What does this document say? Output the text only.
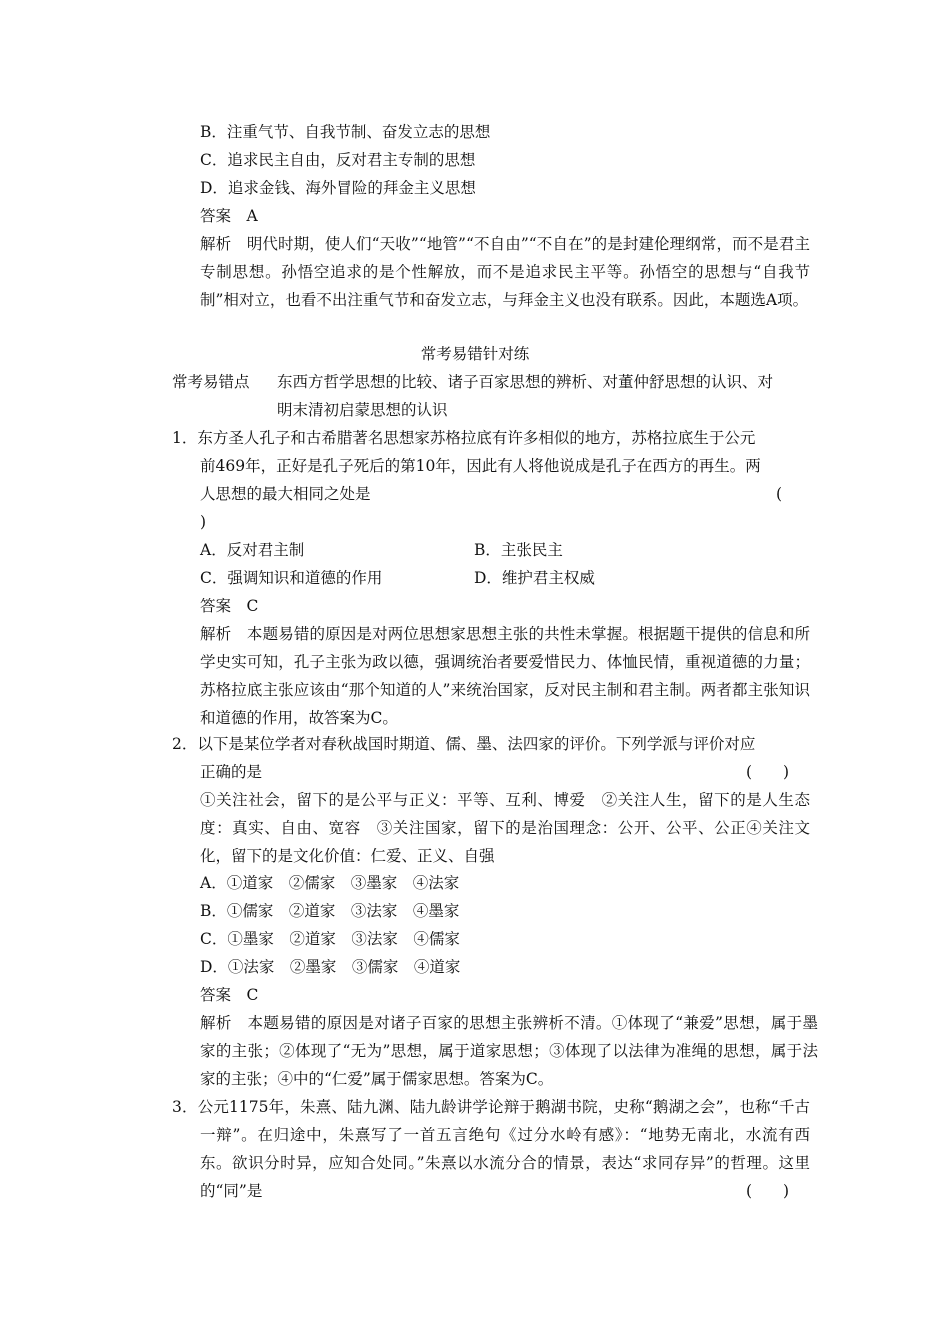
B．注重气节、自我节制、奋发立志的思想
C．追求民主自由，反对君主专制的思想
D．追求金钱、海外冒险的拜金主义思想
答案　A
解析　明代时期，使人们“天收”“地管”“不自由”“不自在”的是封建伦理纲常，而不是君主专制思想。孙悟空追求的是个性解放，而不是追求民主平等。孙悟空的思想与“自我节制”相对立，也看不出注重气节和奋发立志，与拜金主义也没有联系。因此，本题选A项。
常考易错针对练
常考易错点 东西方哲学思想的比较、诸子百家思想的辨析、对董仲舒思想的认识、对
明末清初启蒙思想的认识
1．东方圣人孔子和古希腊著名思想家苏格拉底有许多相似的地方，苏格拉底生于公元
前469年，正好是孔子死后的第10年，因此有人将他说成是孔子在西方的再生。两
人思想的最大相同之处是	(
)
A．反对君主制	B．主张民主
C．强调知识和道德的作用	D．维护君主权威
答案　C
解析　本题易错的原因是对两位思想家思想主张的共性未掌握。根据题干提供的信息和所学史实可知，孔子主张为政以德，强调统治者要爱惜民力、体恤民情，重视道德的力量；苏格拉底主张应该由“那个知道的人”来统治国家，反对民主制和君主制。两者都主张知识和道德的作用，故答案为C。
2．以下是某位学者对春秋战国时期道、儒、墨、法四家的评价。下列学派与评价对应
正确的是	(　　)
①关注社会，留下的是公平与正义：平等、互利、博爱　②关注人生，留下的是人生态度：真实、自由、宽容　③关注国家，留下的是治国理念：公开、公平、公正④关注文化，留下的是文化价值：仁爱、正义、自强
A．①道家　②儒家　③墨家　④法家
B．①儒家　②道家　③法家　④墨家
C．①墨家　②道家　③法家　④儒家
D．①法家　②墨家　③儒家　④道家
答案　C
解析　本题易错的原因是对诸子百家的思想主张辨析不清。①体现了“兼爱”思想，属于墨家的主张；②体现了“无为”思想，属于道家思想；③体现了以法律为准绳的思想，属于法家的主张；④中的“仁爱”属于儒家思想。答案为C。
3．公元1175年，朱熹、陆九渊、陆九龄讲学论辩于鹅湖书院，史称“鹅湖之会”，也称“千古一辩”。在归途中，朱熹写了一首五言绝句《过分水岭有感》：“地势无南北，水流有西东。欲识分时异，应知合处同。”朱熹以水流分合的情景，表达“求同存异”的哲理。这里的“同”是	(　　)
